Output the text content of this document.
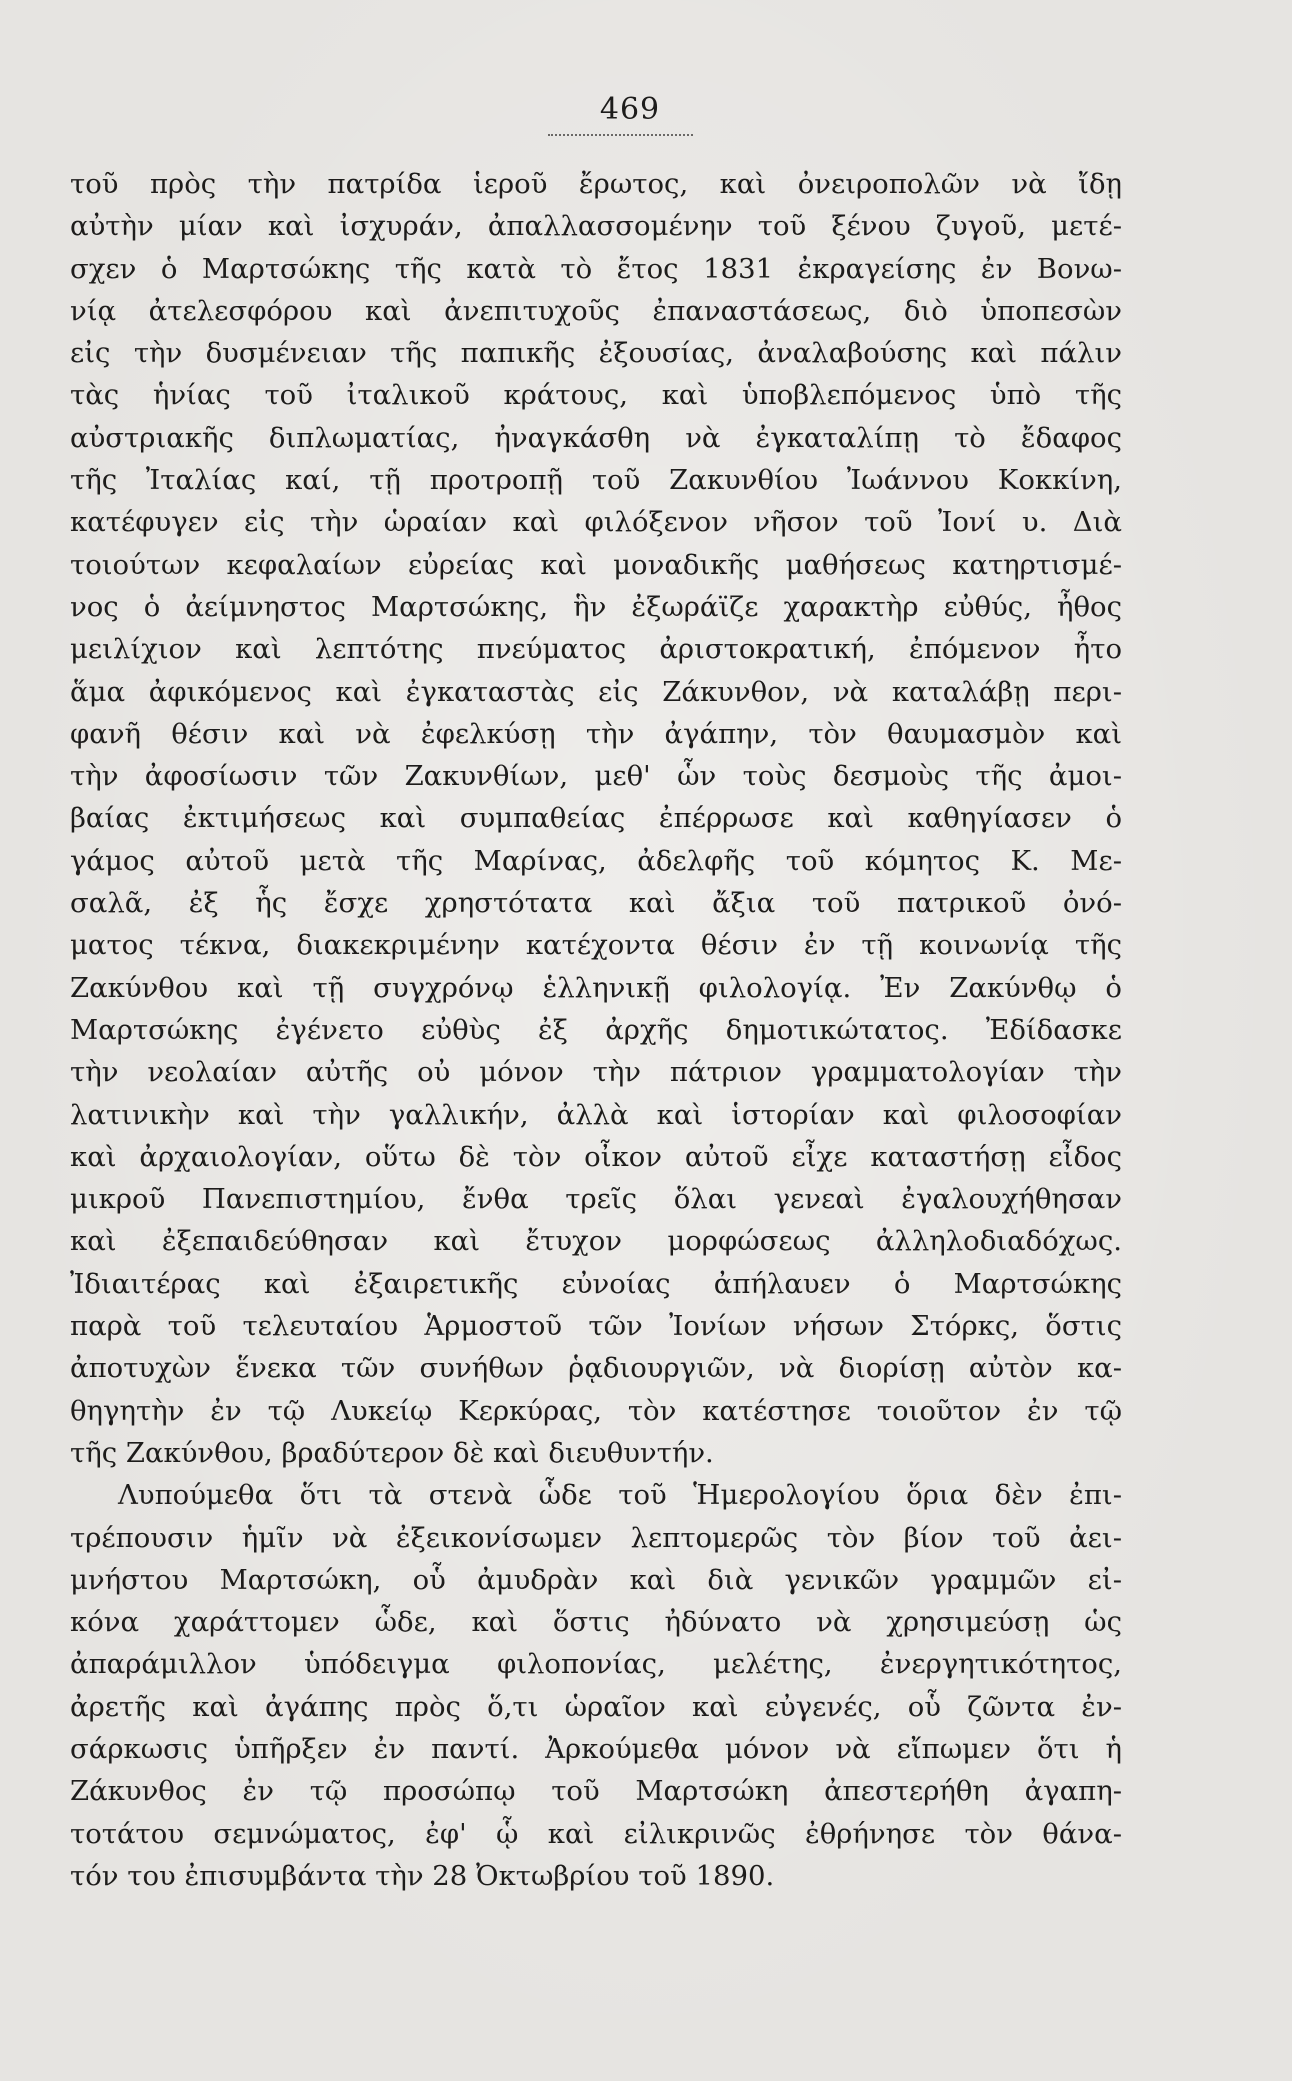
469
τοῦ πρὸς τὴν πατρίδα ἱεροῦ ἔρωτος, καὶ ὀνειροπολῶν νὰ ἴδῃ
αὐτὴν μίαν καὶ ἰσχυράν, ἀπαλλασσομένην τοῦ ξένου ζυγοῦ, μετέ-
σχεν ὁ Μαρτσώκης τῆς κατὰ τὸ ἔτος 1831 ἐκραγείσης ἐν Βονω-
νίᾳ ἀτελεσφόρου καὶ ἀνεπιτυχοῦς ἐπαναστάσεως, διὸ ὑποπεσὼν
εἰς τὴν δυσμένειαν τῆς παπικῆς ἐξουσίας, ἀναλαβούσης καὶ πάλιν
τὰς ἡνίας τοῦ ἰταλικοῦ κράτους, καὶ ὑποβλεπόμενος ὑπὸ τῆς
αὐστριακῆς διπλωματίας, ἠναγκάσθη νὰ ἐγκαταλίπῃ τὸ ἔδαφος
τῆς Ἰταλίας καί, τῇ προτροπῇ τοῦ Ζακυνθίου Ἰωάννου Κοκκίνη,
κατέφυγεν εἰς τὴν ὡραίαν καὶ φιλόξενον νῆσον τοῦ Ἰονί υ. Διὰ
τοιούτων κεφαλαίων εὐρείας καὶ μοναδικῆς μαθήσεως κατηρτισμέ-
νος ὁ ἀείμνηστος Μαρτσώκης, ἣν ἐξωράϊζε χαρακτὴρ εὐθύς, ἦθος
μειλίχιον καὶ λεπτότης πνεύματος ἀριστοκρατική, ἐπόμενον ἦτο
ἅμα ἀφικόμενος καὶ ἐγκαταστὰς εἰς Ζάκυνθον, νὰ καταλάβῃ περι-
φανῆ θέσιν καὶ νὰ ἐφελκύσῃ τὴν ἀγάπην, τὸν θαυμασμὸν καὶ
τὴν ἀφοσίωσιν τῶν Ζακυνθίων, μεθ' ὧν τοὺς δεσμοὺς τῆς ἀμοι-
βαίας ἐκτιμήσεως καὶ συμπαθείας ἐπέρρωσε καὶ καθηγίασεν ὁ
γάμος αὐτοῦ μετὰ τῆς Μαρίνας, ἀδελφῆς τοῦ κόμητος Κ. Με-
σαλᾶ, ἐξ ἧς ἔσχε χρηστότατα καὶ ἄξια τοῦ πατρικοῦ ὀνό-
ματος τέκνα, διακεκριμένην κατέχοντα θέσιν ἐν τῇ κοινωνίᾳ τῆς
Ζακύνθου καὶ τῇ συγχρόνῳ ἑλληνικῇ φιλολογίᾳ. Ἐν Ζακύνθῳ ὁ
Μαρτσώκης ἐγένετο εὐθὺς ἐξ ἀρχῆς δημοτικώτατος. Ἐδίδασκε
τὴν νεολαίαν αὐτῆς οὐ μόνον τὴν πάτριον γραμματολογίαν τὴν
λατινικὴν καὶ τὴν γαλλικήν, ἀλλὰ καὶ ἱστορίαν καὶ φιλοσοφίαν
καὶ ἀρχαιολογίαν, οὕτω δὲ τὸν οἶκον αὐτοῦ εἶχε καταστήσῃ εἶδος
μικροῦ Πανεπιστημίου, ἔνθα τρεῖς ὅλαι γενεαὶ ἐγαλουχήθησαν
καὶ ἐξεπαιδεύθησαν καὶ ἔτυχον μορφώσεως ἀλληλοδιαδόχως.
Ἰδιαιτέρας καὶ ἐξαιρετικῆς εὐνοίας ἀπήλαυεν ὁ Μαρτσώκης
παρὰ τοῦ τελευταίου Ἁρμοστοῦ τῶν Ἰονίων νήσων Στόρκς, ὅστις
ἀποτυχὼν ἕνεκα τῶν συνήθων ῥᾳδιουργιῶν, νὰ διορίσῃ αὐτὸν κα-
θηγητὴν ἐν τῷ Λυκείῳ Κερκύρας, τὸν κατέστησε τοιοῦτον ἐν τῷ
τῆς Ζακύνθου, βραδύτερον δὲ καὶ διευθυντήν.
Λυπούμεθα ὅτι τὰ στενὰ ὧδε τοῦ Ἡμερολογίου ὅρια δὲν ἐπι-
τρέπουσιν ἡμῖν νὰ ἐξεικονίσωμεν λεπτομερῶς τὸν βίον τοῦ ἀει-
μνήστου Μαρτσώκη, οὗ ἀμυδρὰν καὶ διὰ γενικῶν γραμμῶν εἰ-
κόνα χαράττομεν ὧδε, καὶ ὅστις ἠδύνατο νὰ χρησιμεύσῃ ὡς
ἀπαράμιλλον ὑπόδειγμα φιλοπονίας, μελέτης, ἐνεργητικότητος,
ἀρετῆς καὶ ἀγάπης πρὸς ὅ,τι ὡραῖον καὶ εὐγενές, οὗ ζῶντα ἐν-
σάρκωσις ὑπῆρξεν ἐν παντί. Ἀρκούμεθα μόνον νὰ εἴπωμεν ὅτι ἡ
Ζάκυνθος ἐν τῷ προσώπῳ τοῦ Μαρτσώκη ἀπεστερήθη ἀγαπη-
τοτάτου σεμνώματος, ἐφ' ᾧ καὶ εἰλικρινῶς ἐθρήνησε τὸν θάνα-
τόν του ἐπισυμβάντα τὴν 28 Ὀκτωβρίου τοῦ 1890.
